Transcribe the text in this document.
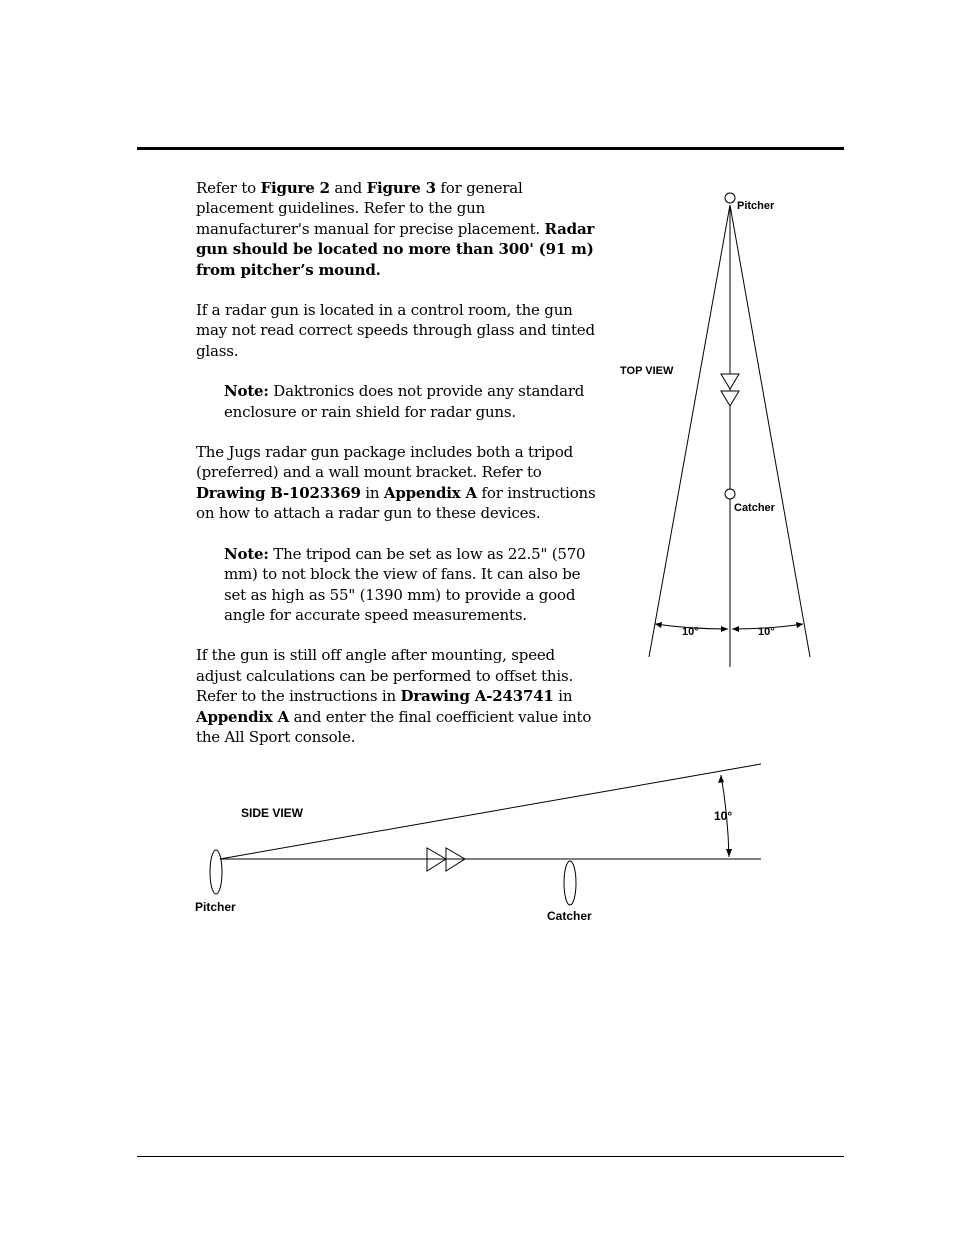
Refer to Figure 2 and Figure 3 for general placement guidelines. Refer to the gun manufacturer's manual for precise placement. Radar gun should be located no more than 300' (91 m) from pitcher’s mound.

If a radar gun is located in a control room, the gun may not read correct speeds through glass and tinted glass.

Note: Daktronics does not provide any standard enclosure or rain shield for radar guns.

The Jugs radar gun package includes both a tripod (preferred) and a wall mount bracket. Refer to Drawing B-1023369 in Appendix A for instructions on how to attach a radar gun to these devices.

Note: The tripod can be set as low as 22.5" (570 mm) to not block the view of fans. It can also be set as high as 55" (1390 mm) to provide a good angle for accurate speed measurements.

If the gun is still off angle after mounting, speed adjust calculations can be performed to offset this. Refer to the instructions in Drawing A-243741 in Appendix A and enter the final coefficient value into the All Sport console.

TOP VIEW
Pitcher
Catcher
10°	10°
SIDE VIEW
Pitcher
Catcher
10°
